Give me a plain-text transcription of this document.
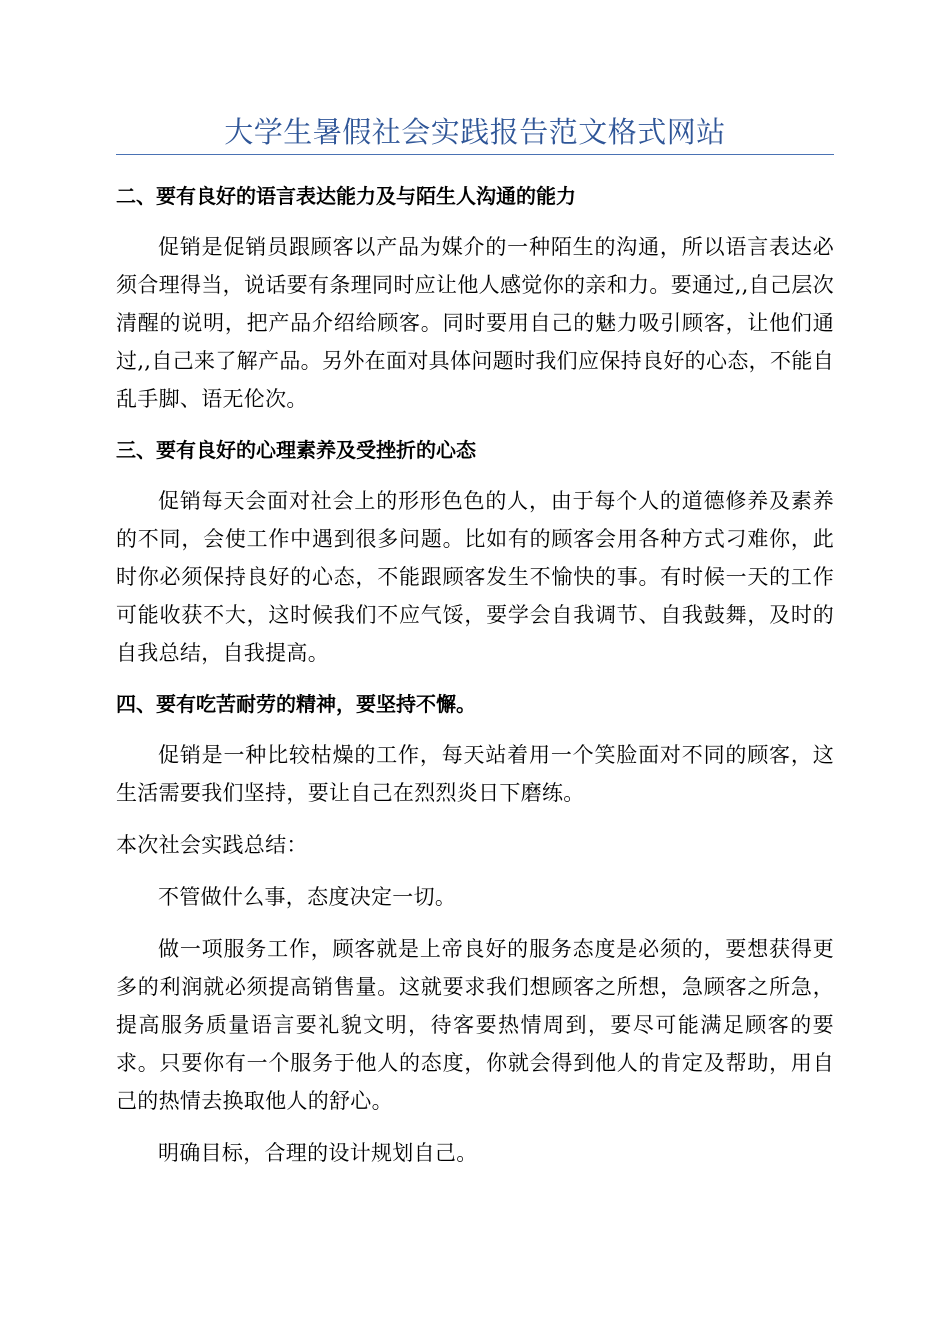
大学生暑假社会实践报告范文格式网站
二、要有良好的语言表达能力及与陌生人沟通的能力

促销是促销员跟顾客以产品为媒介的一种陌生的沟通，所以语言表达必须合理得当，说话要有条理同时应让他人感觉你的亲和力。要通过,,自己层次清醒的说明，把产品介绍给顾客。同时要用自己的魅力吸引顾客，让他们通过,,自己来了解产品。另外在面对具体问题时我们应保持良好的心态，不能自乱手脚、语无伦次。

三、要有良好的心理素养及受挫折的心态

促销每天会面对社会上的形形色色的人，由于每个人的道德修养及素养的不同，会使工作中遇到很多问题。比如有的顾客会用各种方式刁难你，此时你必须保持良好的心态，不能跟顾客发生不愉快的事。有时候一天的工作可能收获不大，这时候我们不应气馁，要学会自我调节、自我鼓舞，及时的自我总结，自我提高。

四、要有吃苦耐劳的精神，要坚持不懈。

促销是一种比较枯燥的工作，每天站着用一个笑脸面对不同的顾客，这生活需要我们坚持，要让自己在烈烈炎日下磨练。

本次社会实践总结：

不管做什么事，态度决定一切。

做一项服务工作，顾客就是上帝良好的服务态度是必须的，要想获得更多的利润就必须提高销售量。这就要求我们想顾客之所想，急顾客之所急，提高服务质量语言要礼貌文明，待客要热情周到，要尽可能满足顾客的要求。只要你有一个服务于他人的态度，你就会得到他人的肯定及帮助，用自己的热情去换取他人的舒心。

明确目标，合理的设计规划自己。
